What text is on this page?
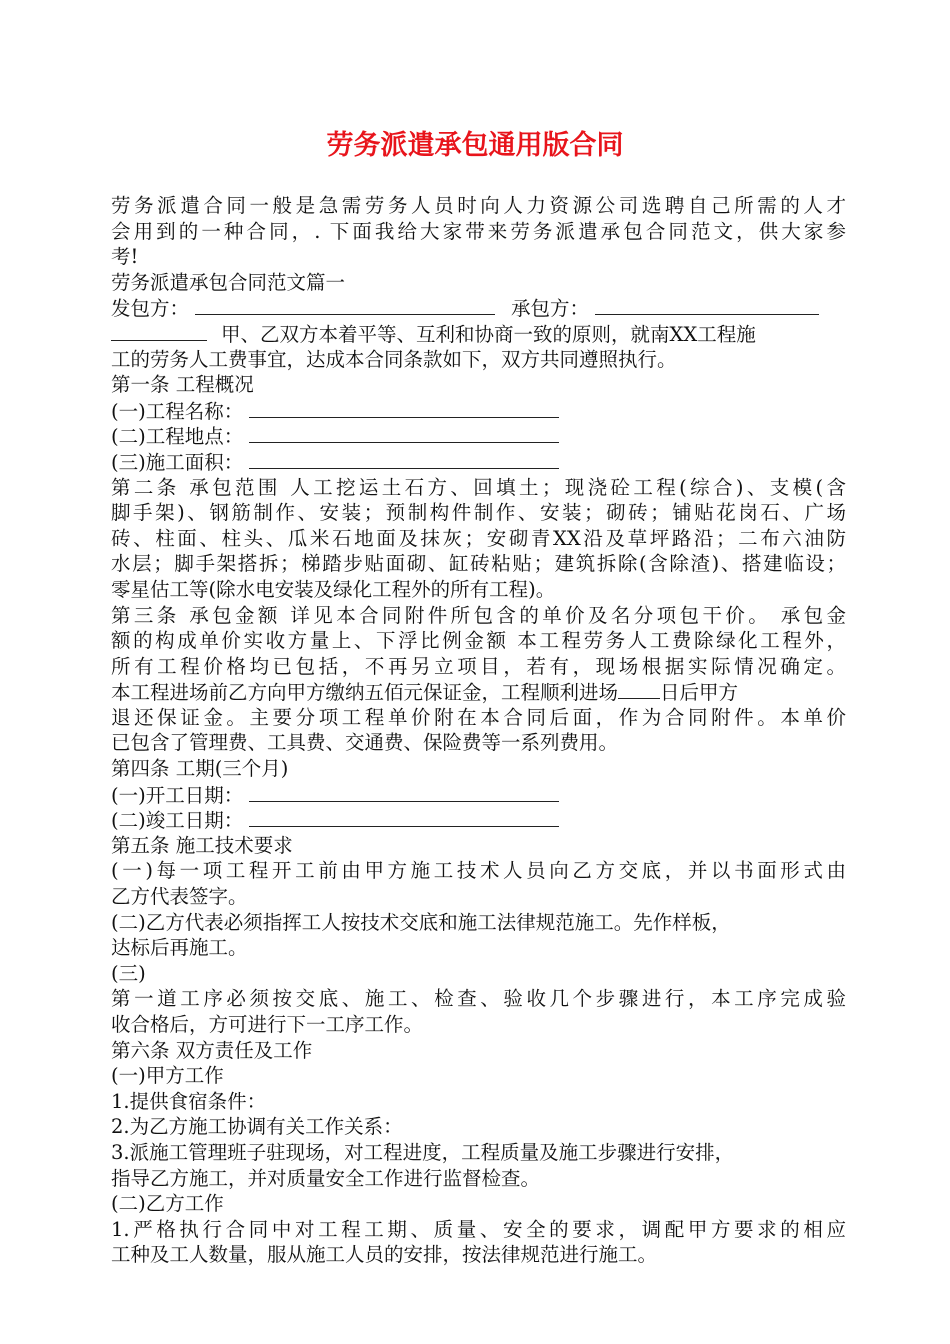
劳务派遣承包通用版合同
劳务派遣合同一般是急需劳务人员时向人力资源公司选聘自己所需的人才
会用到的一种合同，. 下面我给大家带来劳务派遣承包合同范文，供大家参
考!
劳务派遣承包合同范文篇一
发包方：	承包方：
甲、乙双方本着平等、互利和协商一致的原则，就南XX工程施
工的劳务人工费事宜，达成本合同条款如下，双方共同遵照执行。
第一条 工程概况
(一)工程名称：
(二)工程地点：
(三)施工面积：
第二条 承包范围 人工挖运土石方、回填土；现浇砼工程(综合)、支模(含
脚手架)、钢筋制作、安装；预制构件制作、安装；砌砖；铺贴花岗石、广场
砖、柱面、柱头、瓜米石地面及抹灰；安砌青XX沿及草坪路沿；二布六油防
水层；脚手架搭拆；梯踏步贴面砌、缸砖粘贴；建筑拆除(含除渣)、搭建临设；
零星估工等(除水电安装及绿化工程外的所有工程)。
第三条 承包金额 详见本合同附件所包含的单价及名分项包干价。 承包金
额的构成单价实收方量上、下浮比例金额 本工程劳务人工费除绿化工程外，
所有工程价格均已包括，不再另立项目，若有，现场根据实际情况确定。
本工程进场前乙方向甲方缴纳五佰元保证金，工程顺利进场 日后甲方
退还保证金。主要分项工程单价附在本合同后面，作为合同附件。本单价
已包含了管理费、工具费、交通费、保险费等一系列费用。
第四条 工期(三个月)
(一)开工日期：
(二)竣工日期：
第五条 施工技术要求
(一)每一项工程开工前由甲方施工技术人员向乙方交底，并以书面形式由
乙方代表签字。
(二)乙方代表必须指挥工人按技术交底和施工法律规范施工。先作样板，
达标后再施工。
(三)
第一道工序必须按交底、施工、检查、验收几个步骤进行，本工序完成验
收合格后，方可进行下一工序工作。
第六条 双方责任及工作
(一)甲方工作
1.提供食宿条件：
2.为乙方施工协调有关工作关系：
3.派施工管理班子驻现场，对工程进度，工程质量及施工步骤进行安排，
指导乙方施工，并对质量安全工作进行监督检查。
(二)乙方工作
1.严格执行合同中对工程工期、质量、安全的要求，调配甲方要求的相应
工种及工人数量，服从施工人员的安排，按法律规范进行施工。
